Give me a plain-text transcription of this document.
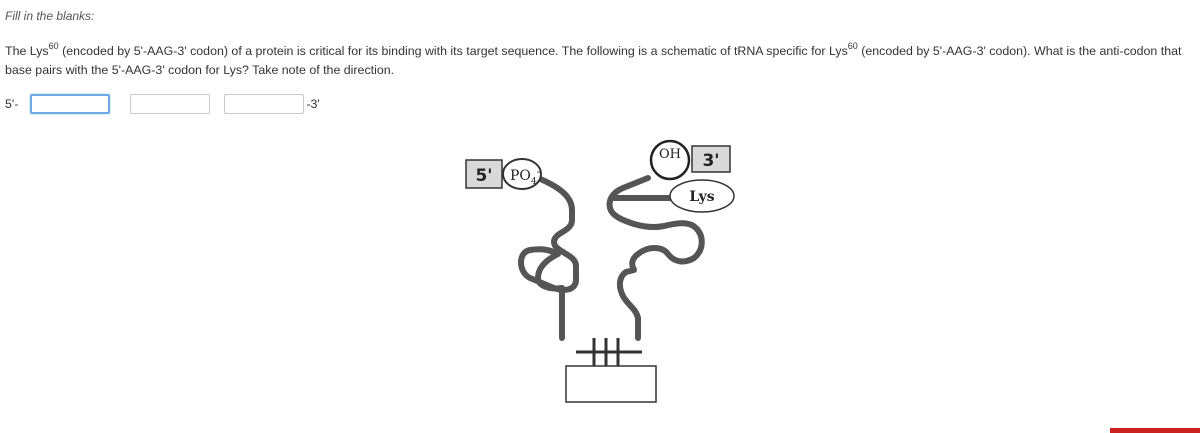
Fill in the blanks:
The Lys$^{60}$ (encoded by 5'-AAG-3' codon) of a protein is critical for its binding with its target sequence. The following is a schematic of tRNA specific for Lys$^{60}$ (encoded by 5'-AAG-3' codon). What is the anti-codon that base pairs with the 5'-AAG-3' codon for Lys? Take note of the direction.
5'-	-3'
5' $PO_4^-$
OH 3'
Lys
